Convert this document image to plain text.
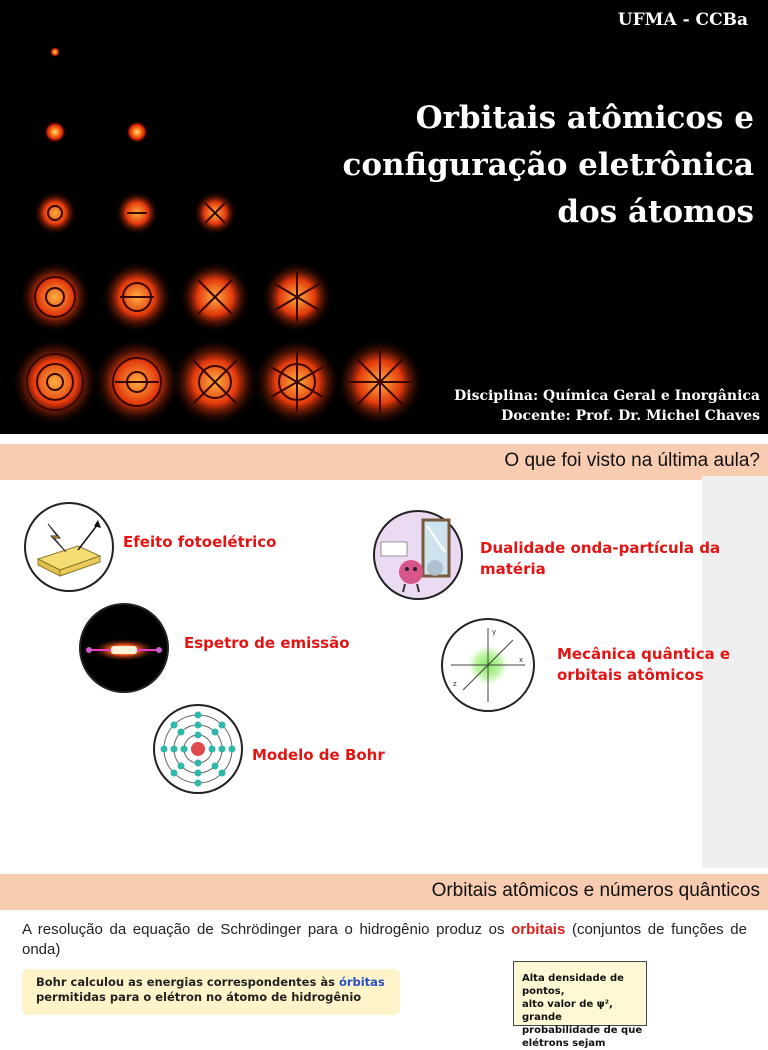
UFMA - CCBa
Orbitais atômicos e
configuração eletrônica
dos átomos
Disciplina: Química Geral e Inorgânica
Docente: Prof. Dr. Michel Chaves
O que foi visto na última aula?
Efeito fotoelétrico
Espetro de emissão
Modelo de Bohr
Dualidade onda-partícula da
matéria
y
x
z
Mecânica quântica e
orbitais atômicos
Orbitais atômicos e números quânticos
A resolução da equação de Schrödinger para o hidrogênio produz os orbitais (conjuntos de funções de onda)
Bohr calculou as energias correspondentes às órbitas
permitidas para o elétron no átomo de hidrogênio
Alta densidade de pontos,
alto valor de ψ², grande
probabilidade de que
elétrons sejam
